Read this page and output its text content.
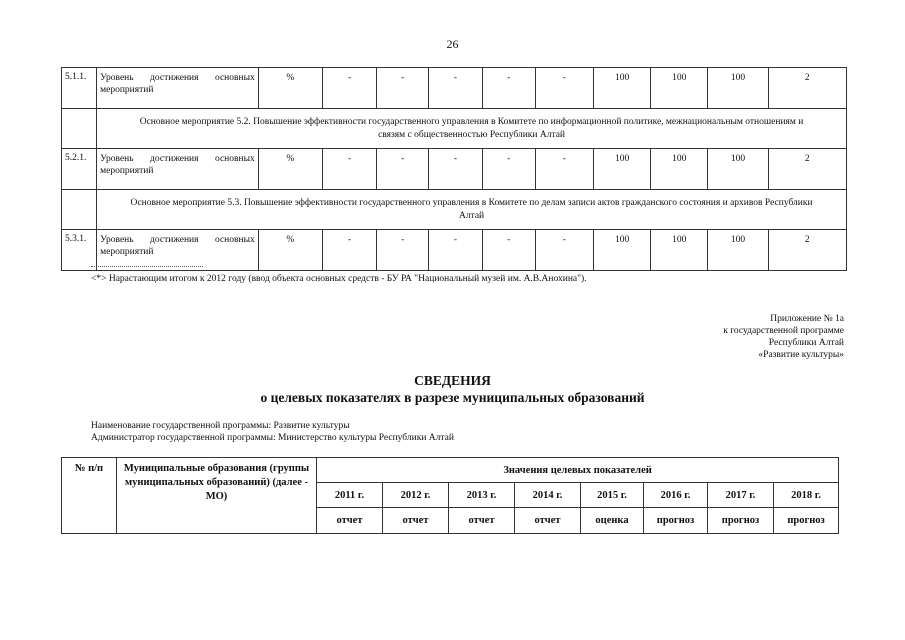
26
5.1.1.	Уровень достижения основных мероприятий	%	-	-	-	-	-	100	100	100	2
	Основное мероприятие 5.2. Повышение эффективности государственного управления в Комитете по информационной политике, межнациональным отношениям и связям с общественностью Республики Алтай										
5.2.1.	Уровень достижения основных мероприятий	%	-	-	-	-	-	100	100	100	2
	Основное мероприятие 5.3. Повышение эффективности государственного управления в Комитете по делам записи актов гражданского состояния и архивов Республики Алтай										
5.3.1.	Уровень достижения основных мероприятий	%	-	-	-	-	-	100	100	100	2
<*> Нарастающим итогом к 2012 году (ввод объекта основных средств - БУ РА "Национальный музей им. А.В.Анохина").
Приложение № 1а
к государственной программе
Республики Алтай
«Развитие культуры»
СВЕДЕНИЯ
о целевых показателях в разрезе муниципальных образований
Наименование государственной программы: Развитие культуры
Администратор государственной программы: Министерство культуры Республики Алтай
№ п/п	Муниципальные образования (группы муниципальных образований) (далее - МО)	Значения целевых показателей							
		2011 г.	2012 г.	2013 г.	2014 г.	2015 г.	2016 г.	2017 г.	2018 г.
		отчет	отчет	отчет	отчет	оценка	прогноз	прогноз	прогноз
